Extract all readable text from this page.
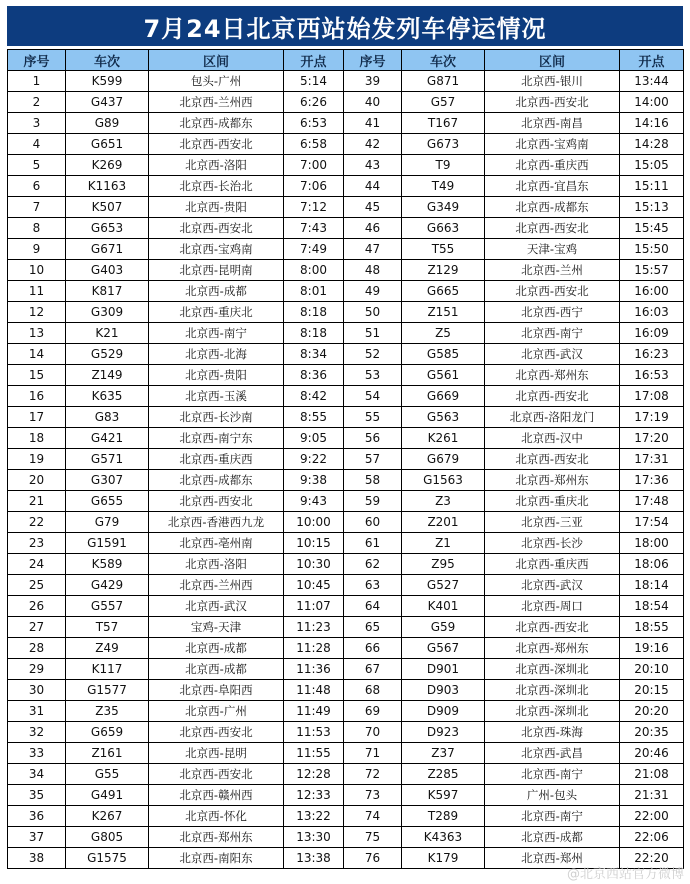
7月24日北京西站始发列车停运情况
序号	车次	区间	开点	序号	车次	区间	开点
1	K599	包头-广州	5:14	39	G871	北京西-银川	13:44
2	G437	北京西-兰州西	6:26	40	G57	北京西-西安北	14:00
3	G89	北京西-成都东	6:53	41	T167	北京西-南昌	14:16
4	G651	北京西-西安北	6:58	42	G673	北京西-宝鸡南	14:28
5	K269	北京西-洛阳	7:00	43	T9	北京西-重庆西	15:05
6	K1163	北京西-长治北	7:06	44	T49	北京西-宜昌东	15:11
7	K507	北京西-贵阳	7:12	45	G349	北京西-成都东	15:13
8	G653	北京西-西安北	7:43	46	G663	北京西-西安北	15:45
9	G671	北京西-宝鸡南	7:49	47	T55	天津-宝鸡	15:50
10	G403	北京西-昆明南	8:00	48	Z129	北京西-兰州	15:57
11	K817	北京西-成都	8:01	49	G665	北京西-西安北	16:00
12	G309	北京西-重庆北	8:18	50	Z151	北京西-西宁	16:03
13	K21	北京西-南宁	8:18	51	Z5	北京西-南宁	16:09
14	G529	北京西-北海	8:34	52	G585	北京西-武汉	16:23
15	Z149	北京西-贵阳	8:36	53	G561	北京西-郑州东	16:53
16	K635	北京西-玉溪	8:42	54	G669	北京西-西安北	17:08
17	G83	北京西-长沙南	8:55	55	G563	北京西-洛阳龙门	17:19
18	G421	北京西-南宁东	9:05	56	K261	北京西-汉中	17:20
19	G571	北京西-重庆西	9:22	57	G679	北京西-西安北	17:31
20	G307	北京西-成都东	9:38	58	G1563	北京西-郑州东	17:36
21	G655	北京西-西安北	9:43	59	Z3	北京西-重庆北	17:48
22	G79	北京西-香港西九龙	10:00	60	Z201	北京西-三亚	17:54
23	G1591	北京西-亳州南	10:15	61	Z1	北京西-长沙	18:00
24	K589	北京西-洛阳	10:30	62	Z95	北京西-重庆西	18:06
25	G429	北京西-兰州西	10:45	63	G527	北京西-武汉	18:14
26	G557	北京西-武汉	11:07	64	K401	北京西-周口	18:54
27	T57	宝鸡-天津	11:23	65	G59	北京西-西安北	18:55
28	Z49	北京西-成都	11:28	66	G567	北京西-郑州东	19:16
29	K117	北京西-成都	11:36	67	D901	北京西-深圳北	20:10
30	G1577	北京西-阜阳西	11:48	68	D903	北京西-深圳北	20:15
31	Z35	北京西-广州	11:49	69	D909	北京西-深圳北	20:20
32	G659	北京西-西安北	11:53	70	D923	北京西-珠海	20:35
33	Z161	北京西-昆明	11:55	71	Z37	北京西-武昌	20:46
34	G55	北京西-西安北	12:28	72	Z285	北京西-南宁	21:08
35	G491	北京西-赣州西	12:33	73	K597	广州-包头	21:31
36	K267	北京西-怀化	13:22	74	T289	北京西-南宁	22:00
37	G805	北京西-郑州东	13:30	75	K4363	北京西-成都	22:06
38	G1575	北京西-南阳东	13:38	76	K179	北京西-郑州	22:20
@北京西站官方微博
